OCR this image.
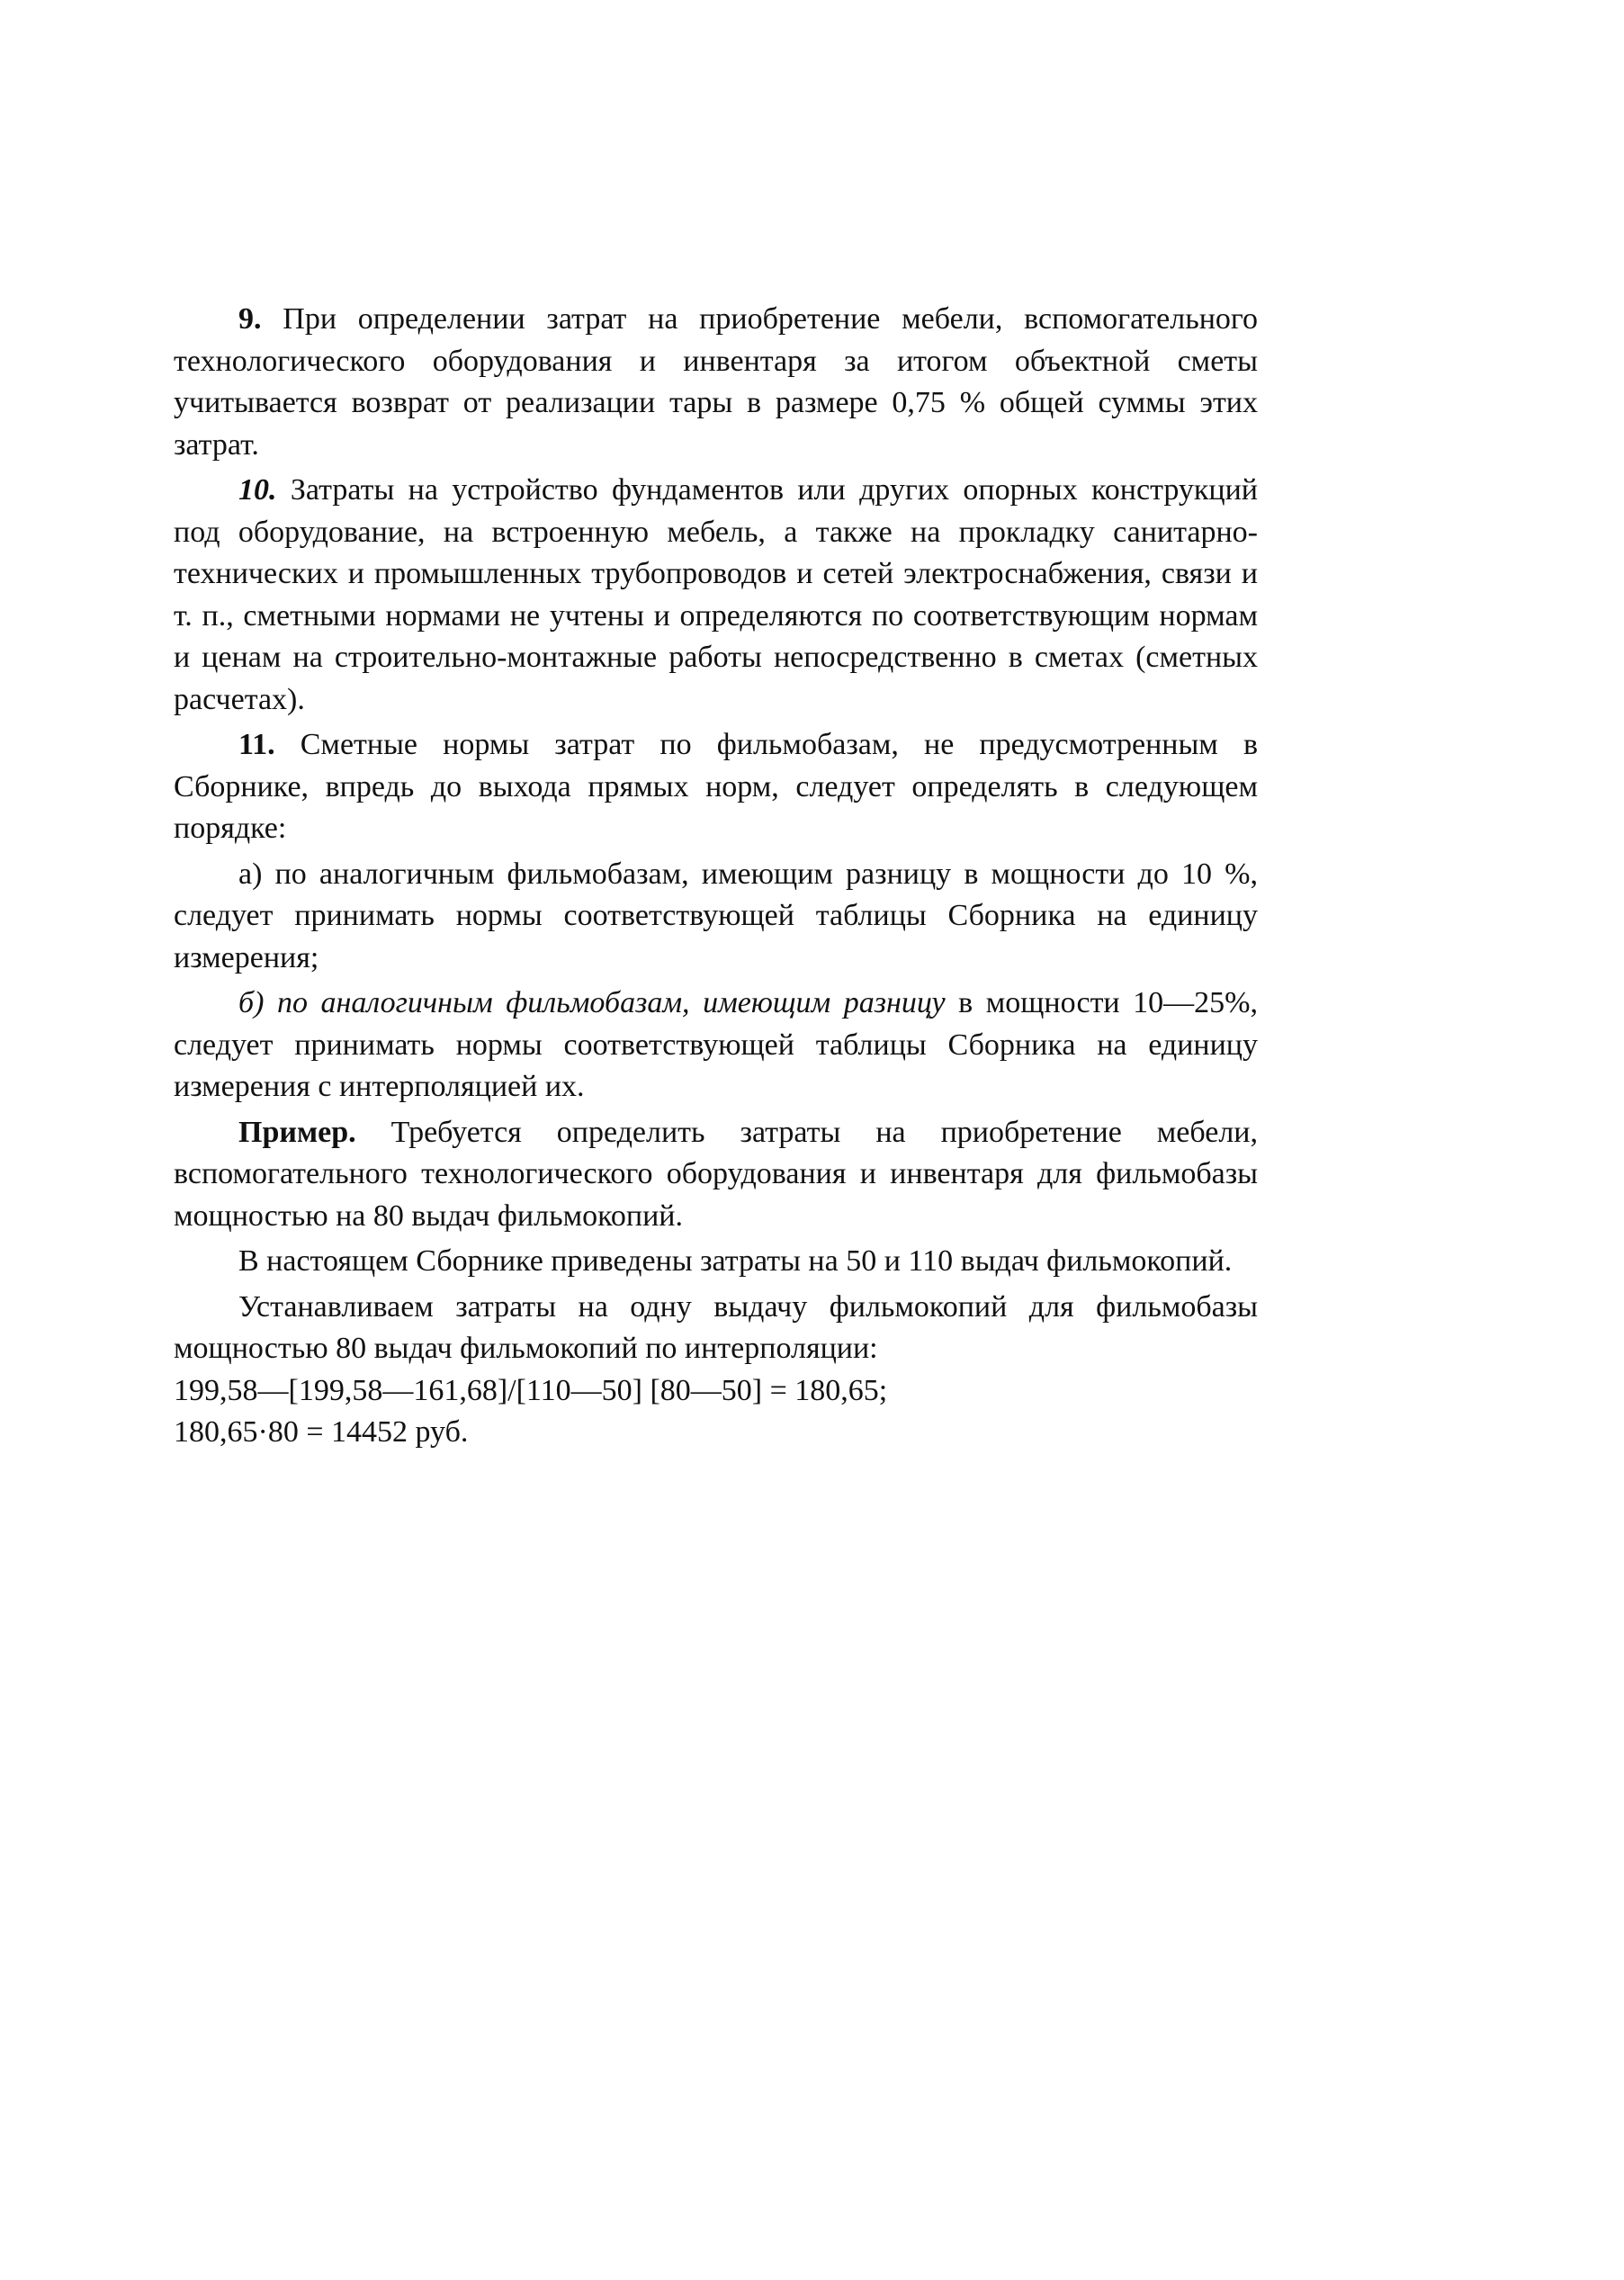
9. При определении затрат на приобретение мебели, вспомогательного технологического оборудования и инвентаря за итогом объектной сметы учитывается возврат от реализации тары в размере 0,75 % общей суммы этих затрат.

10. Затраты на устройство фундаментов или других опорных конструкций под оборудование, на встроенную мебель, а также на прокладку санитарно-технических и промышленных трубопроводов и сетей электроснабжения, связи и т. п., сметными нормами не учтены и определяются по соответствующим нормам и ценам на строительно-монтажные работы непосредственно в сметах (сметных расчетах).

11. Сметные нормы затрат по фильмобазам, не предусмотренным в Сборнике, впредь до выхода прямых норм, следует определять в следующем порядке:

а) по аналогичным фильмобазам, имеющим разницу в мощности до 10 %, следует принимать нормы соответствующей таблицы Сборника на единицу измерения;

б) по аналогичным фильмобазам, имеющим разницу в мощности 10—25%, следует принимать нормы соответствующей таблицы Сборника на единицу измерения с интерполяцией их.

Пример. Требуется определить затраты на приобретение мебели, вспомогательного технологического оборудования и инвентаря для фильмобазы мощностью на 80 выдач фильмокопий.

В настоящем Сборнике приведены затраты на 50 и 110 выдач фильмокопий.

Устанавливаем затраты на одну выдачу фильмокопий для фильмобазы мощностью 80 выдач фильмокопий по интерполяции:

199,58—[199,58—161,68]/[110—50] [80—50] = 180,65;

180,65·80 = 14452 руб.
